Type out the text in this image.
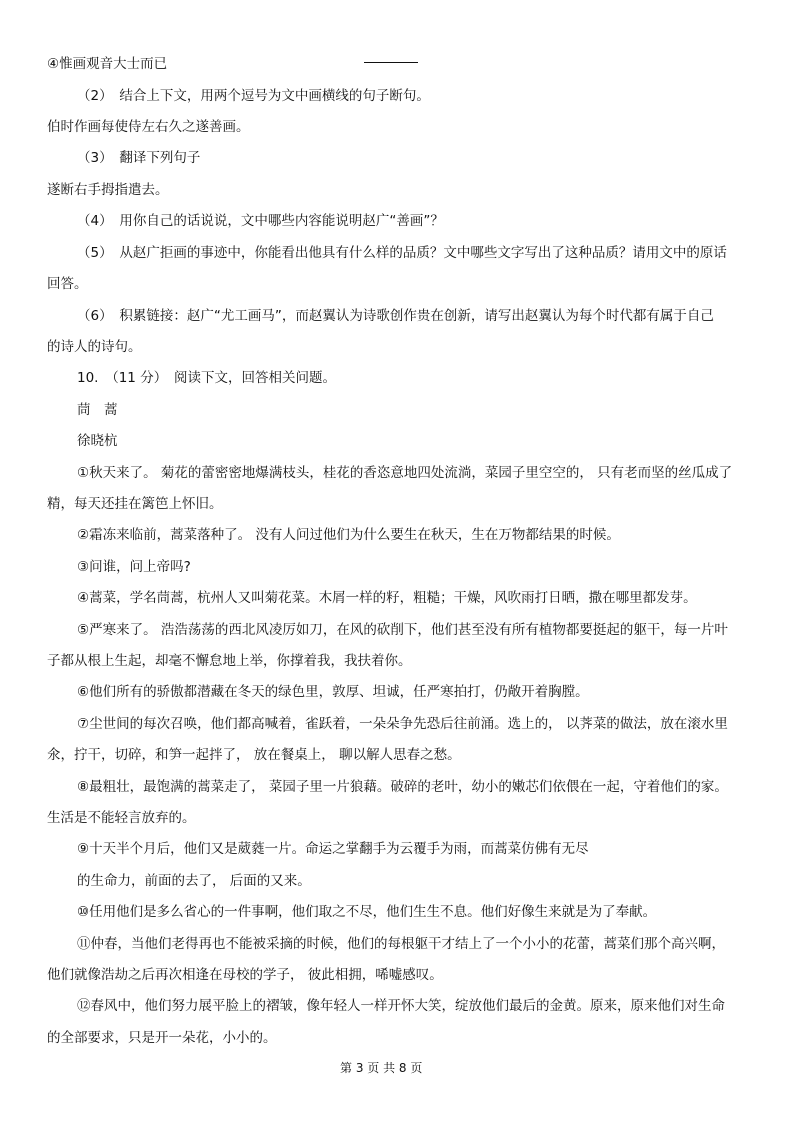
④惟画观音大士而已
（2）　结合上下文，用两个逗号为文中画横线的句子断句。
伯时作画每使侍左右久之遂善画。
（3）　翻译下列句子
遂断右手拇指遣去。
（4）　用你自己的话说说，文中哪些内容能说明赵广“善画”？
（5）　从赵广拒画的事迹中，你能看出他具有什么样的品质？文中哪些文字写出了这种品质？请用文中的原话
回答。
（6）　积累链接：赵广“尤工画马”，而赵翼认为诗歌创作贵在创新，请写出赵翼认为每个时代都有属于自己
的诗人的诗句。
10.　（11 分）　阅读下文，回答相关问题。
茼　蒿
徐晓杭
①秋天来了。 菊花的蕾密密地爆满枝头，桂花的香恣意地四处流淌，菜园子里空空的， 只有老而坚的丝瓜成了
精，每天还挂在篱笆上怀旧。
②霜冻来临前，蒿菜落种了。 没有人问过他们为什么要生在秋天，生在万物都结果的时候。
③问谁，问上帝吗?
④蒿菜，学名茼蒿，杭州人又叫菊花菜。木屑一样的籽，粗糙；干燥，风吹雨打日晒，撒在哪里都发芽。
⑤严寒来了。 浩浩荡荡的西北风凌厉如刀，在风的砍削下，他们甚至没有所有植物都要挺起的躯干，每一片叶
子都从根上生起，却毫不懈怠地上举，你撑着我，我扶着你。
⑥他们所有的骄傲都潜藏在冬天的绿色里，敦厚、坦诚，任严寒拍打，仍敞开着胸膛。
⑦尘世间的每次召唤，他们都高喊着，雀跃着，一朵朵争先恐后往前涌。选上的， 以荠菜的做法，放在滚水里
氽，拧干，切碎，和笋一起拌了， 放在餐桌上， 聊以解人思春之愁。
⑧最粗壮，最饱满的蒿菜走了， 菜园子里一片狼藉。破碎的老叶，幼小的嫩芯们依偎在一起，守着他们的家。
生活是不能轻言放弃的。
⑨十天半个月后，他们又是葳蕤一片。命运之掌翻手为云覆手为雨，而蒿菜仿佛有无尽
的生命力，前面的去了， 后面的又来。
⑩任用他们是多么省心的一件事啊，他们取之不尽，他们生生不息。他们好像生来就是为了奉献。
⑪仲春，当他们老得再也不能被采摘的时候，他们的每根躯干才结上了一个小小的花蕾，蒿菜们那个高兴啊，
他们就像浩劫之后再次相逢在母校的学子， 彼此相拥，唏嘘感叹。
⑫春风中，他们努力展平脸上的褶皱，像年轻人一样开怀大笑，绽放他们最后的金黄。原来，原来他们对生命
的全部要求，只是开一朵花，小小的。
第 3 页 共 8 页
